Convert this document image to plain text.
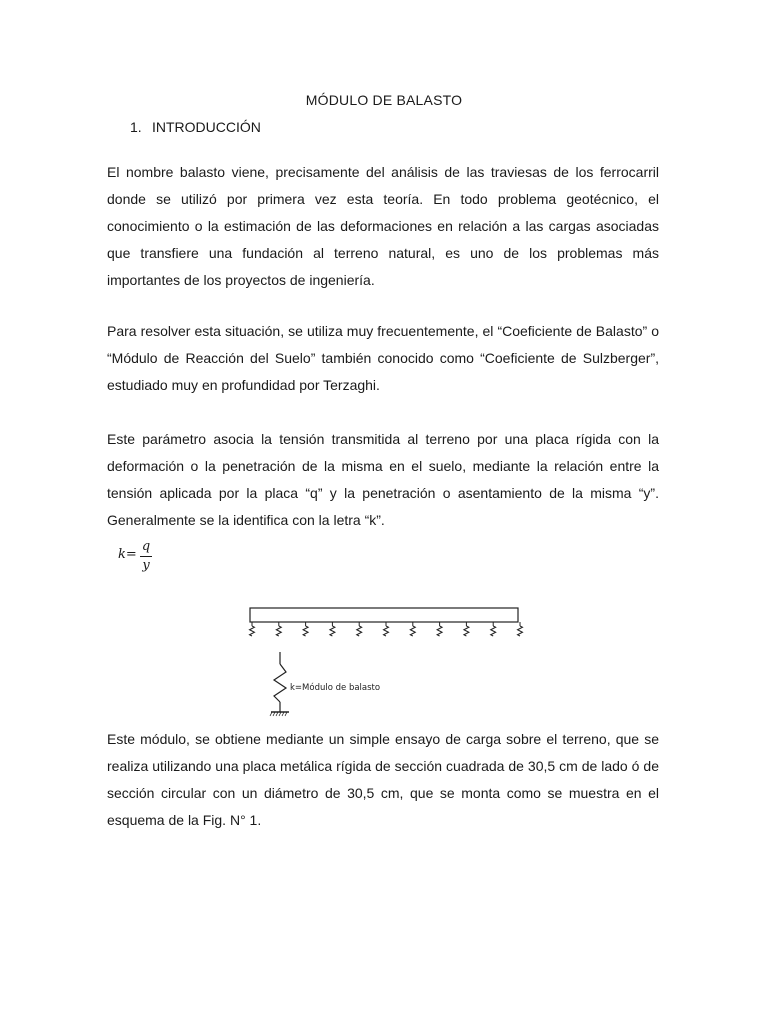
MÓDULO DE BALASTO
1. INTRODUCCIÓN

El nombre balasto viene, precisamente del análisis de las traviesas de los ferrocarril donde se utilizó por primera vez esta teoría. En todo problema geotécnico, el conocimiento o la estimación de las deformaciones en relación a las cargas asociadas que transfiere una fundación al terreno natural, es uno de los problemas más importantes de los proyectos de ingeniería.

Para resolver esta situación, se utiliza muy frecuentemente, el “Coeficiente de Balasto” o “Módulo de Reacción del Suelo” también conocido como “Coeficiente de Sulzberger”, estudiado muy en profundidad por Terzaghi.

Este parámetro asocia la tensión transmitida al terreno por una placa rígida con la deformación o la penetración de la misma en el suelo, mediante la relación entre la tensión aplicada por la placa “q” y la penetración o asentamiento de la misma “y”. Generalmente se la identifica con la letra “k”.

k=
q
y
k=Módulo de balasto

Este módulo, se obtiene mediante un simple ensayo de carga sobre el terreno, que se realiza utilizando una placa metálica rígida de sección cuadrada de 30,5 cm de lado ó de sección circular con un diámetro de 30,5 cm, que se monta como se muestra en el esquema de la Fig. N° 1.
